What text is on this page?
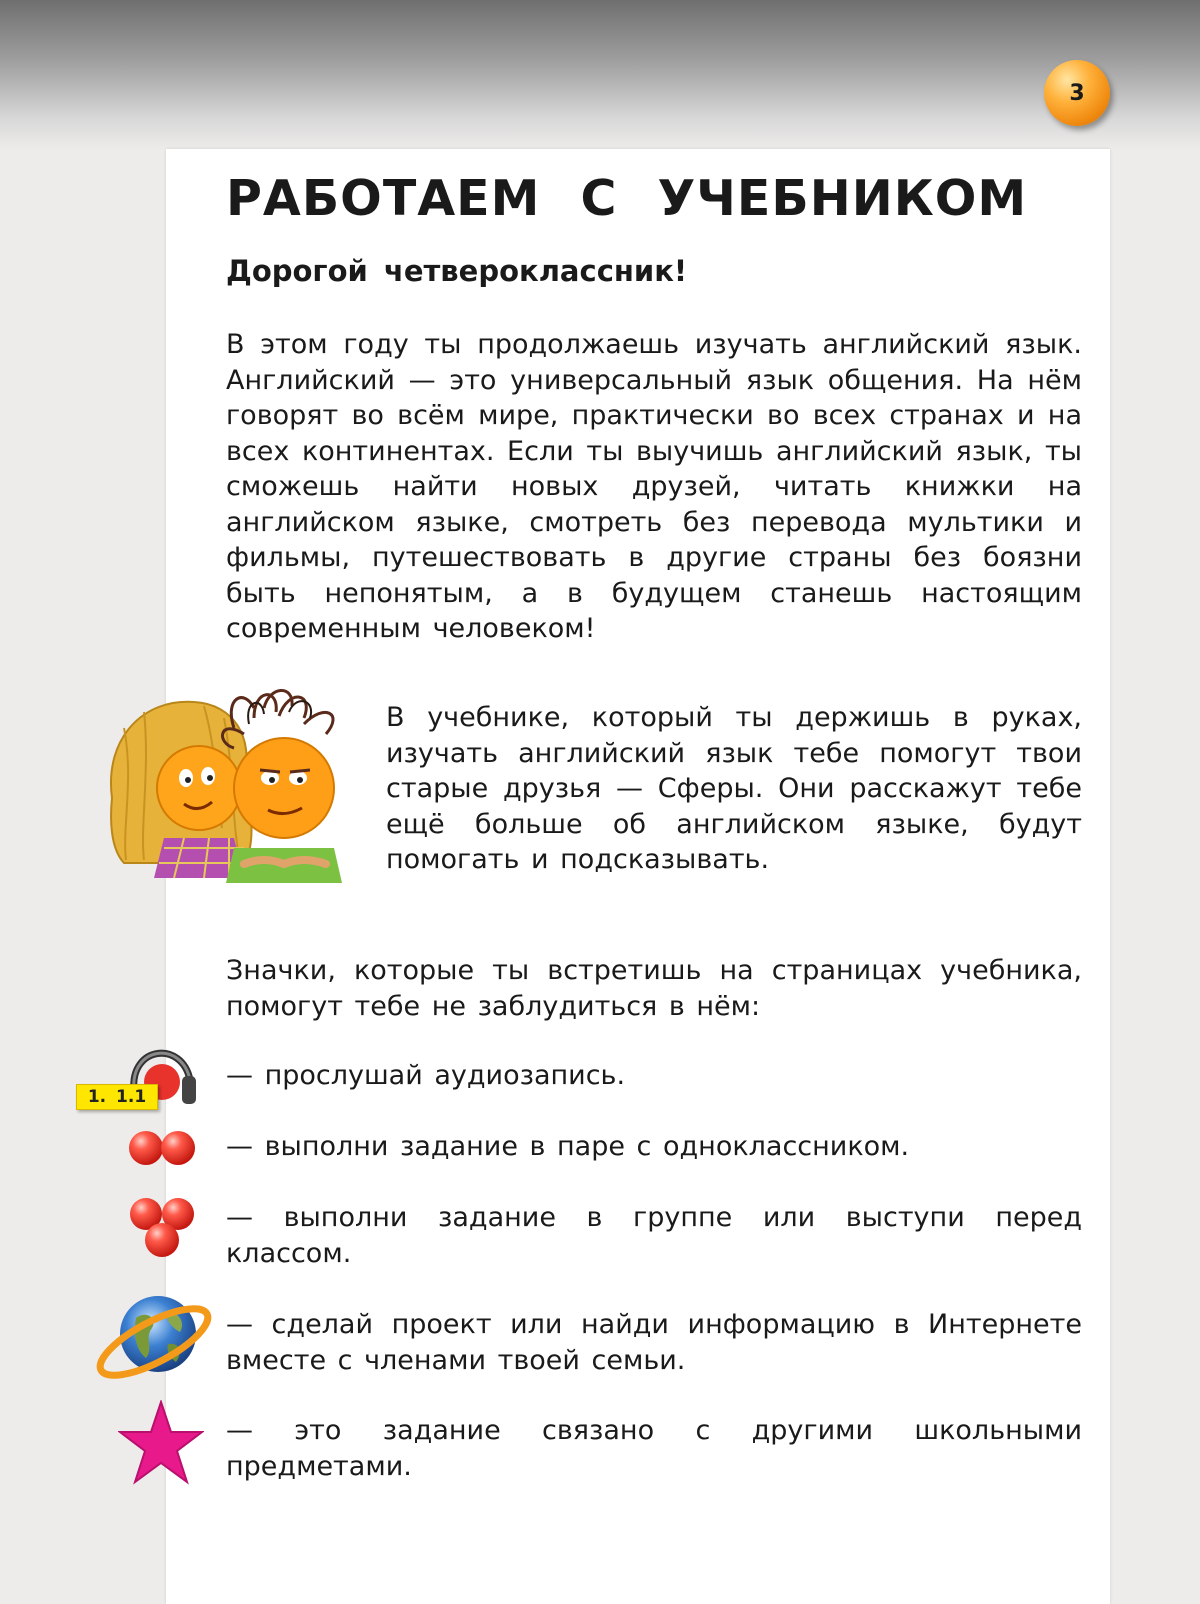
3
РАБОТАЕМ С УЧЕБНИКОМ
Дорогой четвероклассник!
В этом году ты продолжаешь изучать английский язык. Английский — это универсальный язык общения. На нём говорят во всём мире, практически во всех странах и на всех континентах. Если ты выучишь английский язык, ты сможешь найти новых друзей, читать книжки на английском языке, смотреть без перевода мультики и фильмы, путешествовать в другие страны без боязни быть непонятым, а в будущем станешь настоящим современным человеком!
В учебнике, который ты держишь в руках, изучать английский язык тебе помогут твои старые друзья — Сферы. Они расскажут тебе ещё больше об английском языке, будут помогать и подсказывать.
Значки, которые ты встретишь на страницах учебника, помогут тебе не заблудиться в нём:
1. 1.1
— прослушай аудиозапись.
— выполни задание в паре с одноклассником.
— выполни задание в группе или выступи перед классом.
— сделай проект или найди информацию в Интернете вместе с членами твоей семьи.
— это задание связано с другими школьными предметами.
